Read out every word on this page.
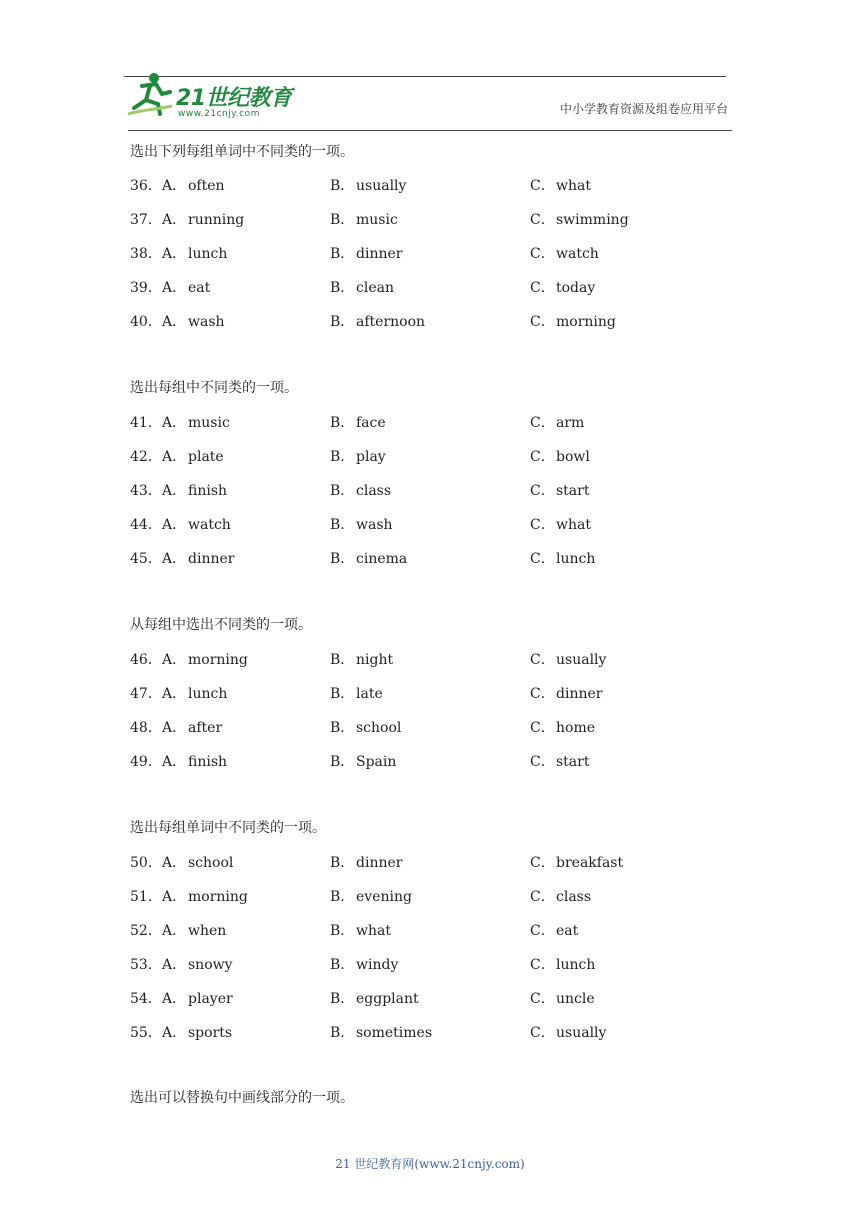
21世纪教育
www.21cnjy.com	中小学教育资源及组卷应用平台
选出下列每组单词中不同类的一项。
36． A． often	B． usually	C．what
37． A． running	B． music	C．swimming
38． A． lunch	B． dinner	C．watch
39． A． eat	B． clean	C．today
40． A． wash	B． afternoon	C．morning
选出每组中不同类的一项。
41． A． music	B． face	C．arm
42． A． plate	B． play	C．bowl
43． A． finish	B． class	C．start
44． A． watch	B． wash	C．what
45． A． dinner	B． cinema	C．lunch
从每组中选出不同类的一项。
46． A． morning	B． night	C．usually
47． A． lunch	B． late	C．dinner
48． A． after	B． school	C．home
49． A． finish	B． Spain	C．start
选出每组单词中不同类的一项。
50． A． school	B． dinner	C．breakfast
51． A． morning	B． evening	C．class
52． A． when	B． what	C．eat
53． A． snowy	B． windy	C．lunch
54． A． player	B． eggplant	C．uncle
55． A． sports	B． sometimes	C．usually
选出可以替换句中画线部分的一项。
21 世纪教育网(www.21cnjy.com)
